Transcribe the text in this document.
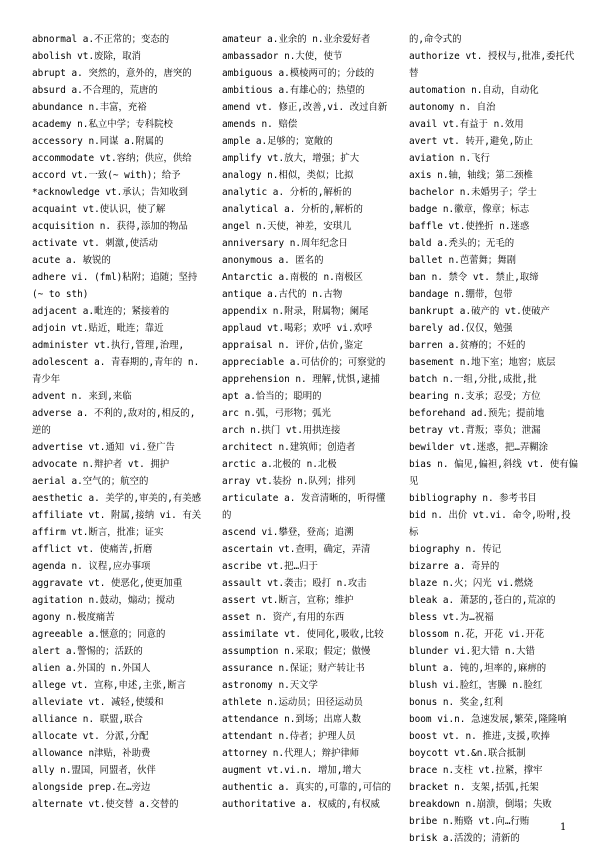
abnormal a.不正常的；变态的

abolish vt.废除，取消

abrupt a. 突然的，意外的，唐突的

absurd a.不合理的，荒唐的

abundance n.丰富，充裕

academy n.私立中学；专科院校

accessory n.同谋 a.附属的

accommodate vt.容纳；供应，供给

accord vt.一致(~ with)；给予

*acknowledge vt.承认；告知收到

acquaint vt.使认识，使了解

acquisition n. 获得,添加的物品

activate vt. 刺激,使活动

acute a. 敏锐的

adhere vi. (fml)粘附；追随；坚持(~ to sth)

adjacent a.毗连的；紧接着的

adjoin vt.贴近，毗连；靠近

administer vt.执行,管理,治理,

adolescent a. 青春期的,青年的 n.青少年

advent n. 来到,来临

adverse a. 不利的,敌对的,相反的,逆的

advertise vt.通知 vi.登广告

advocate n.辩护者 vt. 拥护

aerial a.空气的；航空的

aesthetic a. 美学的,审美的,有美感

affiliate vt. 附属,接纳 vi. 有关

affirm vt.断言，批准；证实

afflict vt. 使痛苦,折磨

agenda n. 议程,应办事项

aggravate vt. 使恶化,使更加重

agitation n.鼓动，煽动；搅动

agony n.极度痛苦

agreeable a.惬意的；同意的

alert a.警惕的；活跃的

alien a.外国的 n.外国人

allege vt. 宣称,申述,主张,断言

alleviate vt. 减轻,使缓和

alliance n. 联盟,联合

allocate vt. 分派,分配

allowance n津贴，补助费

ally n.盟国，同盟者，伙伴

alongside prep.在…旁边

alternate vt.使交替 a.交替的

amateur a.业余的 n.业余爱好者

ambassador n.大使，使节

ambiguous a.模棱两可的；分歧的

ambitious a.有雄心的；热望的

amend vt. 修正,改善,vi. 改过自新

amends n. 赔偿

ample a.足够的；宽敞的

amplify vt.放大，增强；扩大

analogy n.相似，类似；比拟

analytic a. 分析的,解析的

analytical a. 分析的,解析的

angel n.天使，神差，安琪儿

anniversary n.周年纪念日

anonymous a. 匿名的

Antarctic a.南极的 n.南极区

antique a.古代的 n.古物

appendix n.附录，附属物；阑尾

applaud vt.喝彩；欢呼 vi.欢呼

appraisal n. 评价,估价,鉴定

appreciable a.可估价的；可察觉的

apprehension n. 理解,忧惧,逮捕

apt a.恰当的；聪明的

arc n.弧，弓形物；弧光

arch n.拱门 vt.用拱连接

architect n.建筑师；创造者

arctic a.北极的 n.北极

array vt.装扮 n.队列；排列

articulate a. 发音清晰的，听得懂的

ascend vi.攀登，登高；追溯

ascertain vt.查明，确定，弄清

ascribe vt.把…归于

assault vt.袭击；殴打 n.攻击

assert vt.断言，宣称；维护

asset n. 资产,有用的东西

assimilate vt. 使同化,吸收,比较

assumption n.采取；假定；傲慢

assurance n.保证；财产转让书

astronomy n.天文学

athlete n.运动员；田径运动员

attendance n.到场；出席人数

attendant n.侍者；护理人员

attorney n.代理人；辩护律师

augment vt.vi.n. 增加,增大

authentic a. 真实的,可靠的,可信的

authoritative a. 权威的,有权威

的,命令式的

authorize vt. 授权与,批准,委托代替

automation n.自动，自动化

autonomy n. 自治

avail vt.有益于 n.效用

avert vt. 转开,避免,防止

aviation n.飞行

axis n.轴，轴线；第二颈椎

bachelor n.未婚男子；学士

badge n.徽章，像章；标志

baffle vt.使挫折 n.迷惑

bald a.秃头的；无毛的

ballet n.芭蕾舞；舞剧

ban n. 禁令 vt. 禁止,取缔

bandage n.绷带，包带

bankrupt a.破产的 vt.使破产

barely ad.仅仅，勉强

barren a.贫瘠的；不妊的

basement n.地下室；地窖；底层

batch n.一组,分批,成批,批

bearing n.支承；忍受；方位

beforehand ad.预先；提前地

betray vt.背叛；辜负；泄漏

bewilder vt.迷惑，把…弄糊涂

bias n. 偏见,偏袒,斜线 vt. 使有偏见

bibliography n. 参考书目

bid n. 出价 vt.vi. 命令,吩咐,投标

biography n. 传记

bizarre a. 奇异的

blaze n.火；闪光 vi.燃烧

bleak a. 萧瑟的,苍白的,荒凉的

bless vt.为…祝福

blossom n.花，开花 vi.开花

blunder vi.犯大错 n.大错

blunt a. 钝的,坦率的,麻痹的

blush vi.脸红，害臊 n.脸红

bonus n. 奖金,红利

boom vi.n. 急速发展,繁荣,隆隆响

boost vt. n. 推进,支援,吹捧

boycott vt.&n.联合抵制

brace n.支柱 vt.拉紧，撑牢

bracket n. 支架,括弧,托架

breakdown n.崩溃，倒塌；失败

bribe n.贿赂 vt.向…行贿

brisk a.活泼的；清新的

1
